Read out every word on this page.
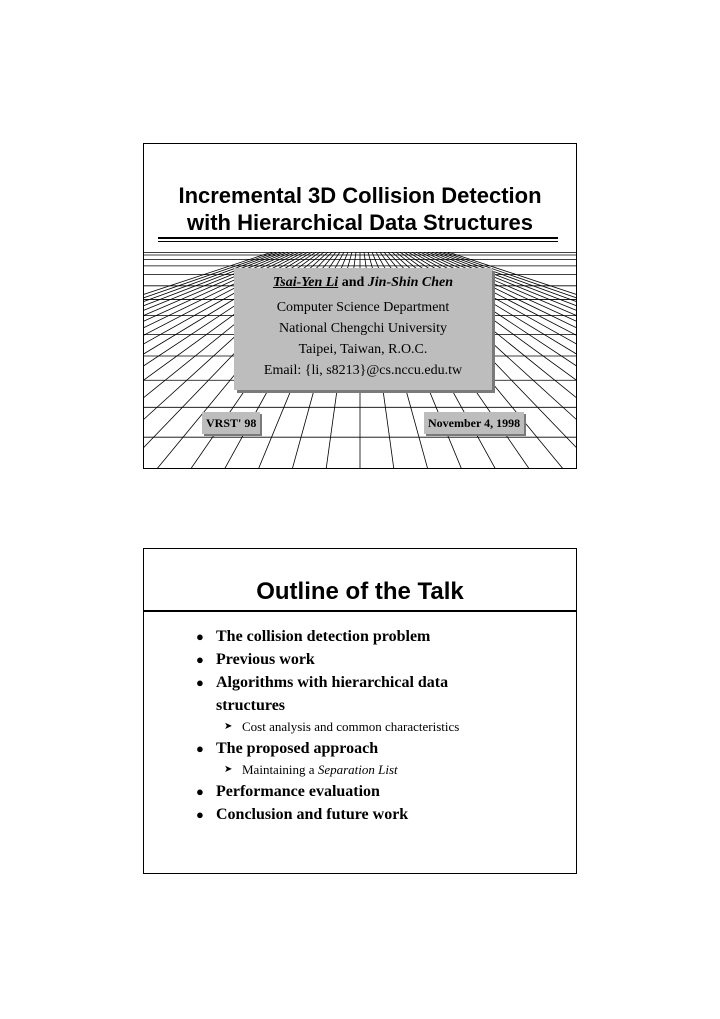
Incremental 3D Collision Detection
with Hierarchical Data Structures
Tsai-Yen Li and Jin-Shin Chen
Computer Science Department
National Chengchi University
Taipei, Taiwan, R.O.C.
Email: {li, s8213}@cs.nccu.edu.tw
VRST' 98	November 4, 1998
Outline of the Talk
● The collision detection problem
● Previous work
● Algorithms with hierarchical data structures
➤ Cost analysis and common characteristics
● The proposed approach
➤ Maintaining a Separation List
● Performance evaluation
● Conclusion and future work
